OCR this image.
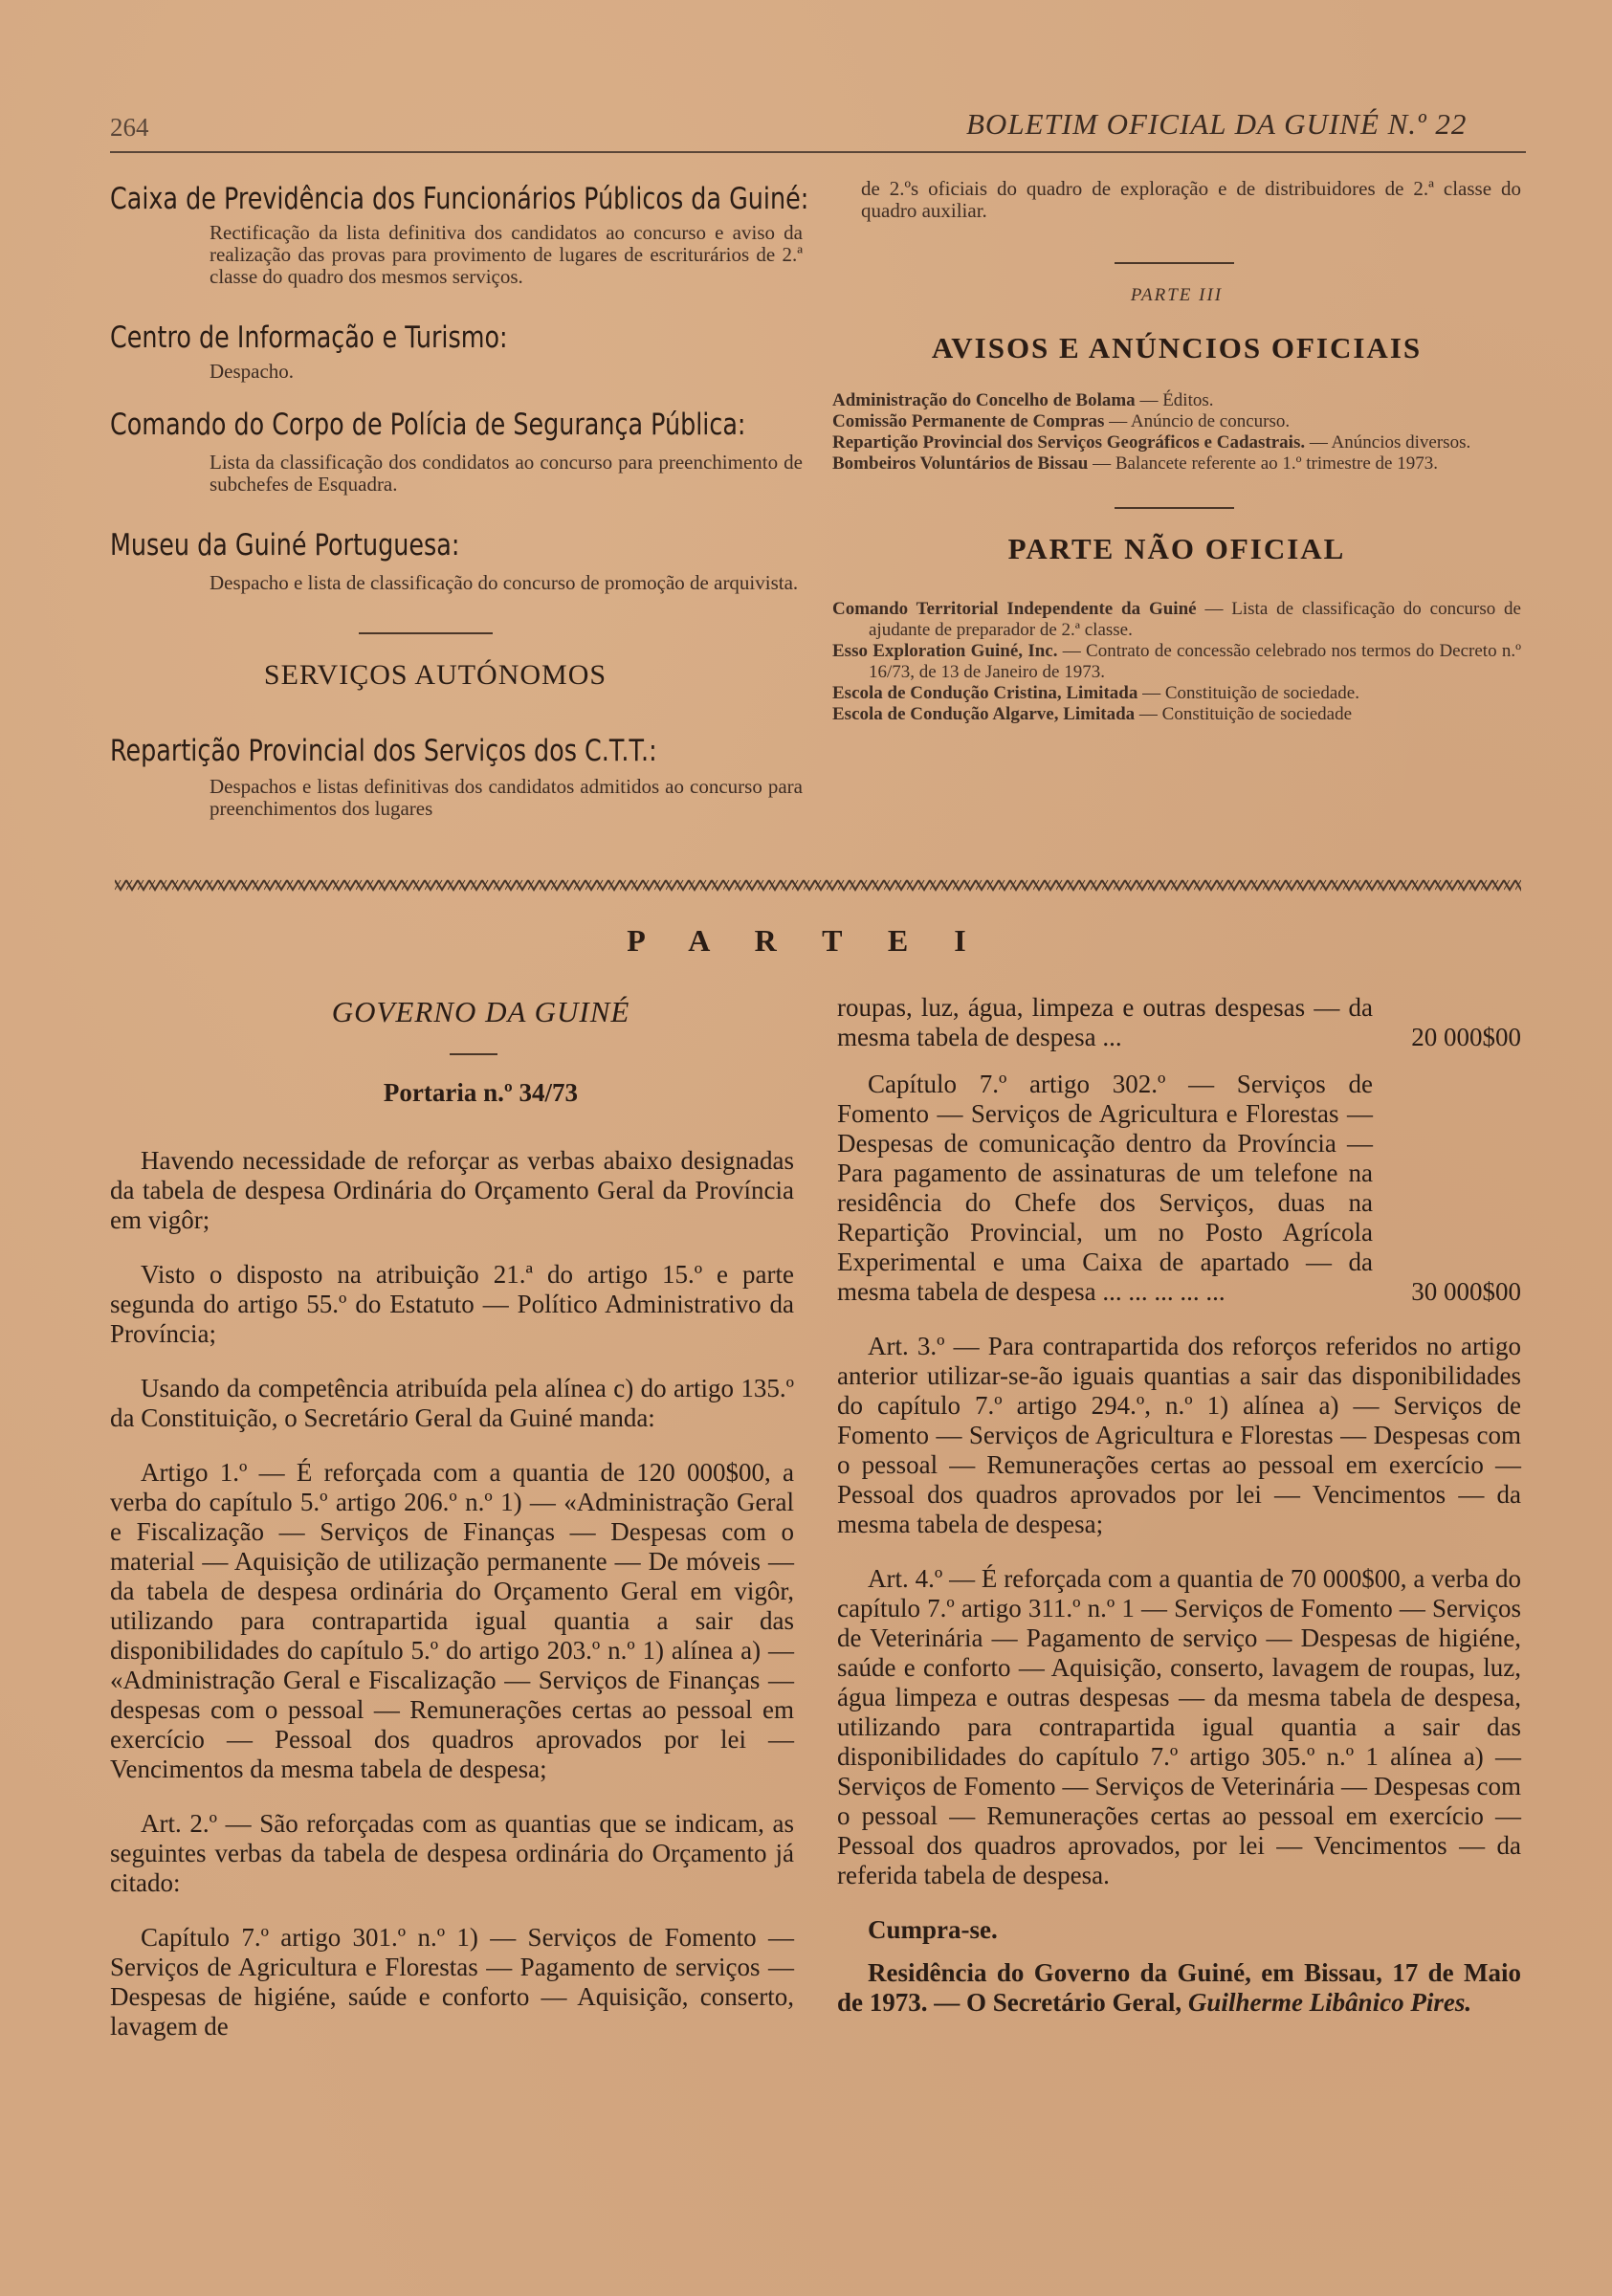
264	BOLETIM OFICIAL DA GUINÉ N.º 22
Caixa de Previdência dos Funcionários Públicos da Guiné:
Rectificação da lista definitiva dos candidatos ao concurso e aviso da realização das provas para provimento de lugares de escriturários de 2.ª classe do quadro dos mesmos serviços.
Centro de Informação e Turismo:
Despacho.
Comando do Corpo de Polícia de Segurança Pública:
Lista da classificação dos condidatos ao concurso para preenchimento de subchefes de Esquadra.
Museu da Guiné Portuguesa:
Despacho e lista de classificação do concurso de promoção de arquivista.
SERVIÇOS AUTÓNOMOS
Repartição Provincial dos Serviços dos C.T.T.:
Despachos e listas definitivas dos candidatos admitidos ao concurso para preenchimentos dos lugares
de 2.ºs oficiais do quadro de exploração e de distribuidores de 2.ª classe do quadro auxiliar.
PARTE III
AVISOS E ANÚNCIOS OFICIAIS
Administração do Concelho de Bolama — Éditos.
Comissão Permanente de Compras — Anúncio de concurso.
Repartição Provincial dos Serviços Geográficos e Cadastrais. — Anúncios diversos.
Bombeiros Voluntários de Bissau — Balancete referente ao 1.º trimestre de 1973.
PARTE NÃO OFICIAL
Comando Territorial Independente da Guiné — Lista de classificação do concurso de ajudante de preparador de 2.ª classe.
Esso Exploration Guiné, Inc. — Contrato de concessão celebrado nos termos do Decreto n.º 16/73, de 13 de Janeiro de 1973.
Escola de Condução Cristina, Limitada — Constituição de sociedade.
Escola de Condução Algarve, Limitada — Constituição de sociedade
P A R T E I
GOVERNO DA GUINÉ
Portaria n.º 34/73

Havendo necessidade de reforçar as verbas abaixo designadas da tabela de despesa Ordinária do Orçamento Geral da Província em vigôr;

Visto o disposto na atribuição 21.ª do artigo 15.º e parte segunda do artigo 55.º do Estatuto — Político Administrativo da Província;

Usando da competência atribuída pela alínea c) do artigo 135.º da Constituição, o Secretário Geral da Guiné manda:

Artigo 1.º — É reforçada com a quantia de 120 000$00, a verba do capítulo 5.º artigo 206.º n.º 1) — «Administração Geral e Fiscalização — Serviços de Finanças — Despesas com o material — Aquisição de utilização permanente — De móveis — da tabela de despesa ordinária do Orçamento Geral em vigôr, utilizando para contrapartida igual quantia a sair das disponibilidades do capítulo 5.º do artigo 203.º n.º 1) alínea a) — «Administração Geral e Fiscalização — Serviços de Finanças — despesas com o pessoal — Remunerações certas ao pessoal em exercício — Pessoal dos quadros aprovados por lei — Vencimentos da mesma tabela de despesa;

Art. 2.º — São reforçadas com as quantias que se indicam, as seguintes verbas da tabela de despesa ordinária do Orçamento já citado:

Capítulo 7.º artigo 301.º n.º 1) — Serviços de Fomento — Serviços de Agricultura e Florestas — Pagamento de serviços — Despesas de higiéne, saúde e conforto — Aquisição, conserto, lavagem de

roupas, luz, água, limpeza e outras despesas — da mesma tabela de despesa ...	20 000$00
Capítulo 7.º artigo 302.º — Serviços de Fomento — Serviços de Agricultura e Florestas — Despesas de comunicação dentro da Província — Para pagamento de assinaturas de um telefone na residência do Chefe dos Serviços, duas na Repartição Provincial, um no Posto Agrícola Experimental e uma Caixa de apartado — da mesma tabela de despesa ... ... ... ... ...	30 000$00

Art. 3.º — Para contrapartida dos reforços referidos no artigo anterior utilizar-se-ão iguais quantias a sair das disponibilidades do capítulo 7.º artigo 294.º, n.º 1) alínea a) — Serviços de Fomento — Serviços de Agricultura e Florestas — Despesas com o pessoal — Remunerações certas ao pessoal em exercício — Pessoal dos quadros aprovados por lei — Vencimentos — da mesma tabela de despesa;

Art. 4.º — É reforçada com a quantia de 70 000$00, a verba do capítulo 7.º artigo 311.º n.º 1 — Serviços de Fomento — Serviços de Veterinária — Pagamento de serviço — Despesas de higiéne, saúde e conforto — Aquisição, conserto, lavagem de roupas, luz, água limpeza e outras despesas — da mesma tabela de despesa, utilizando para contrapartida igual quantia a sair das disponibilidades do capítulo 7.º artigo 305.º n.º 1 alínea a) — Serviços de Fomento — Serviços de Veterinária — Despesas com o pessoal — Remunerações certas ao pessoal em exercício — Pessoal dos quadros aprovados, por lei — Vencimentos — da referida tabela de despesa.

Cumpra-se.

Residência do Governo da Guiné, em Bissau, 17 de Maio de 1973. — O Secretário Geral, Guilherme Libânico Pires.
